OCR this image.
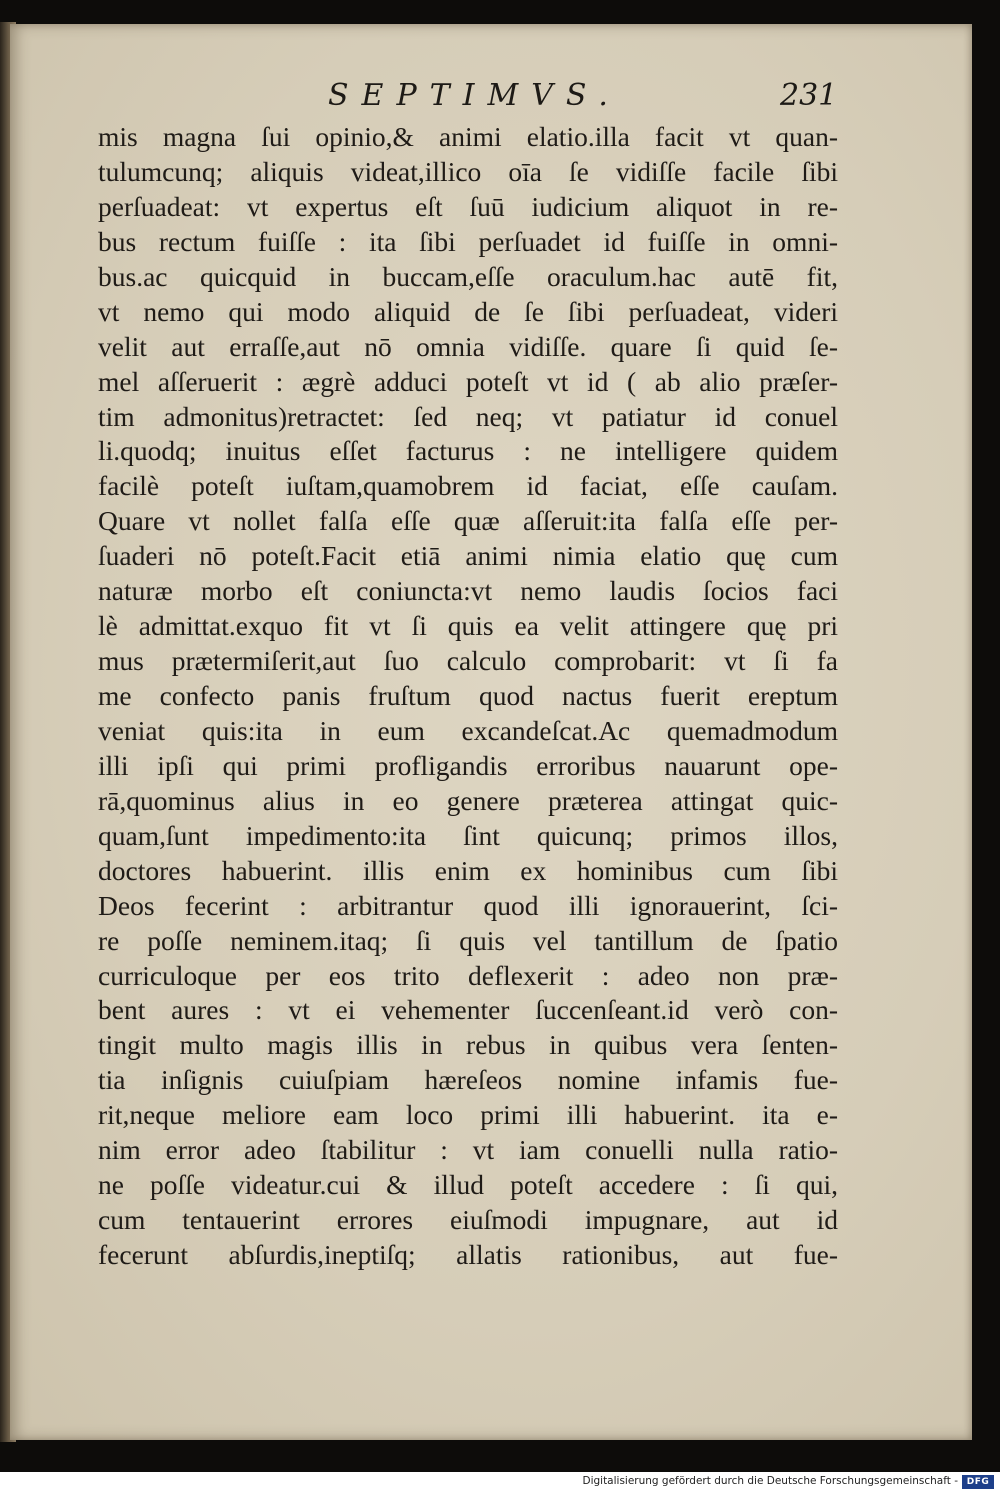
SEPTIMVS.	231
mis magna ſui opinio,& animi elatio.illa facit vt quan-
tulumcunq; aliquis videat,illico oīa ſe vidiſſe facile ſibi
perſuadeat: vt expertus eſt ſuū iudicium aliquot in re-
bus rectum fuiſſe : ita ſibi perſuadet id fuiſſe in omni-
bus.ac quicquid in buccam,eſſe oraculum.hac autē fit,
vt nemo qui modo aliquid de ſe ſibi perſuadeat, videri
velit aut erraſſe,aut nō omnia vidiſſe. quare ſi quid ſe-
mel aſſeruerit : ægrè adduci poteſt vt id ( ab alio præſer-
tim admonitus)retractet: ſed neq; vt patiatur id conuel
li.quodq; inuitus eſſet facturus : ne intelligere quidem
facilè poteſt iuſtam,quamobrem id faciat, eſſe cauſam.
Quare vt nollet falſa eſſe quæ aſſeruit:ita falſa eſſe per-
ſuaderi nō poteſt.Facit etiā animi nimia elatio quę cum
naturæ morbo eſt coniuncta:vt nemo laudis ſocios faci
lè admittat.exquo fit vt ſi quis ea velit attingere quę pri
mus prætermiſerit,aut ſuo calculo comprobarit: vt ſi fa
me confecto panis fruſtum quod nactus fuerit ereptum
veniat quis:ita in eum excandeſcat.Ac quemadmodum
illi ipſi qui primi profligandis erroribus nauarunt ope-
rā,quominus alius in eo genere præterea attingat quic-
quam,ſunt impedimento:ita ſint quicunq; primos illos,
doctores habuerint. illis enim ex hominibus cum ſibi
Deos fecerint : arbitrantur quod illi ignorauerint, ſci-
re poſſe neminem.itaq; ſi quis vel tantillum de ſpatio
curriculoque per eos trito deflexerit : adeo non præ-
bent aures : vt ei vehementer ſuccenſeant.id verò con-
tingit multo magis illis in rebus in quibus vera ſenten-
tia inſignis cuiuſpiam hæreſeos nomine infamis fue-
rit,neque meliore eam loco primi illi habuerint. ita e-
nim error adeo ſtabilitur : vt iam conuelli nulla ratio-
ne poſſe videatur.cui & illud poteſt accedere : ſi qui,
cum tentauerint errores eiuſmodi impugnare, aut id
fecerunt abſurdis,ineptiſq; allatis rationibus, aut fue-
Digitalisierung gefördert durch die Deutsche Forschungsgemeinschaft - DFG
